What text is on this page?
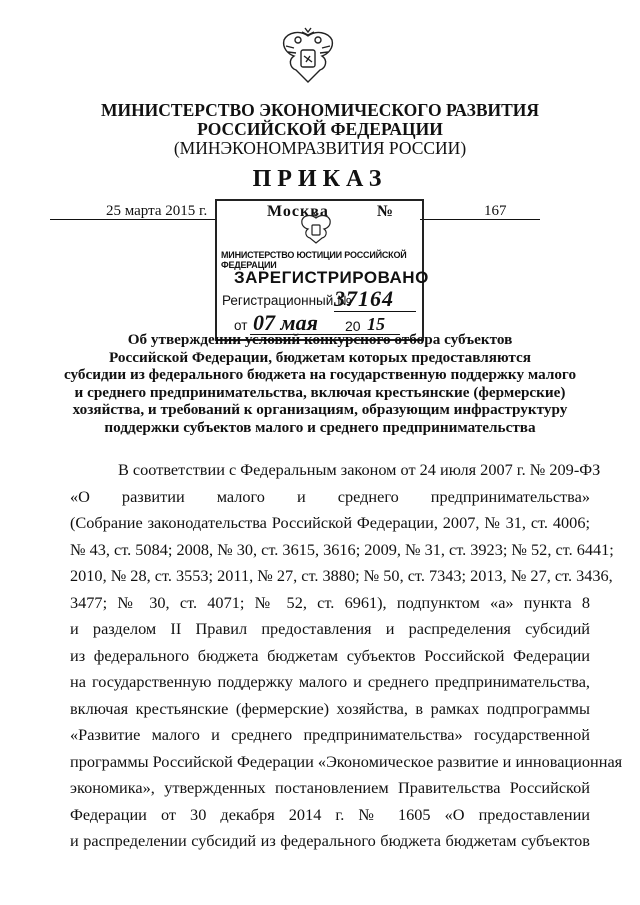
МИНИСТЕРСТВО ЭКОНОМИЧЕСКОГО РАЗВИТИЯ
РОССИЙСКОЙ ФЕДЕРАЦИИ
(МИНЭКОНОМРАЗВИТИЯ РОССИИ)
ПРИКАЗ
25 марта 2015 г.	167
Москва	№
МИНИСТЕРСТВО ЮСТИЦИИ РОССИЙСКОЙ ФЕДЕРАЦИИ
ЗАРЕГИСТРИРОВАНО
Регистрационный №
37164
от 07 мая 20 15
Об утверждении условий конкурсного отбора субъектов
Российской Федерации, бюджетам которых предоставляются
субсидии из федерального бюджета на государственную поддержку малого
и среднего предпринимательства, включая крестьянские (фермерские)
хозяйства, и требований к организациям, образующим инфраструктуру
поддержки субъектов малого и среднего предпринимательства
В соответствии с Федеральным законом от 24 июля 2007 г. № 209-ФЗ
«О развитии малого и среднего предпринимательства»
(Собрание законодательства Российской Федерации, 2007, № 31, ст. 4006;
№ 43, ст. 5084; 2008, № 30, ст. 3615, 3616; 2009, № 31, ст. 3923; № 52, ст. 6441;
2010, № 28, ст. 3553; 2011, № 27, ст. 3880; № 50, ст. 7343; 2013, № 27, ст. 3436,
3477; № 30, ст. 4071; № 52, ст. 6961), подпунктом «а» пункта 8
и разделом II Правил предоставления и распределения субсидий
из федерального бюджета бюджетам субъектов Российской Федерации
на государственную поддержку малого и среднего предпринимательства,
включая крестьянские (фермерские) хозяйства, в рамках подпрограммы
«Развитие малого и среднего предпринимательства» государственной
программы Российской Федерации «Экономическое развитие и инновационная
экономика», утвержденных постановлением Правительства Российской
Федерации от 30 декабря 2014 г. № 1605 «О предоставлении
и распределении субсидий из федерального бюджета бюджетам субъектов
